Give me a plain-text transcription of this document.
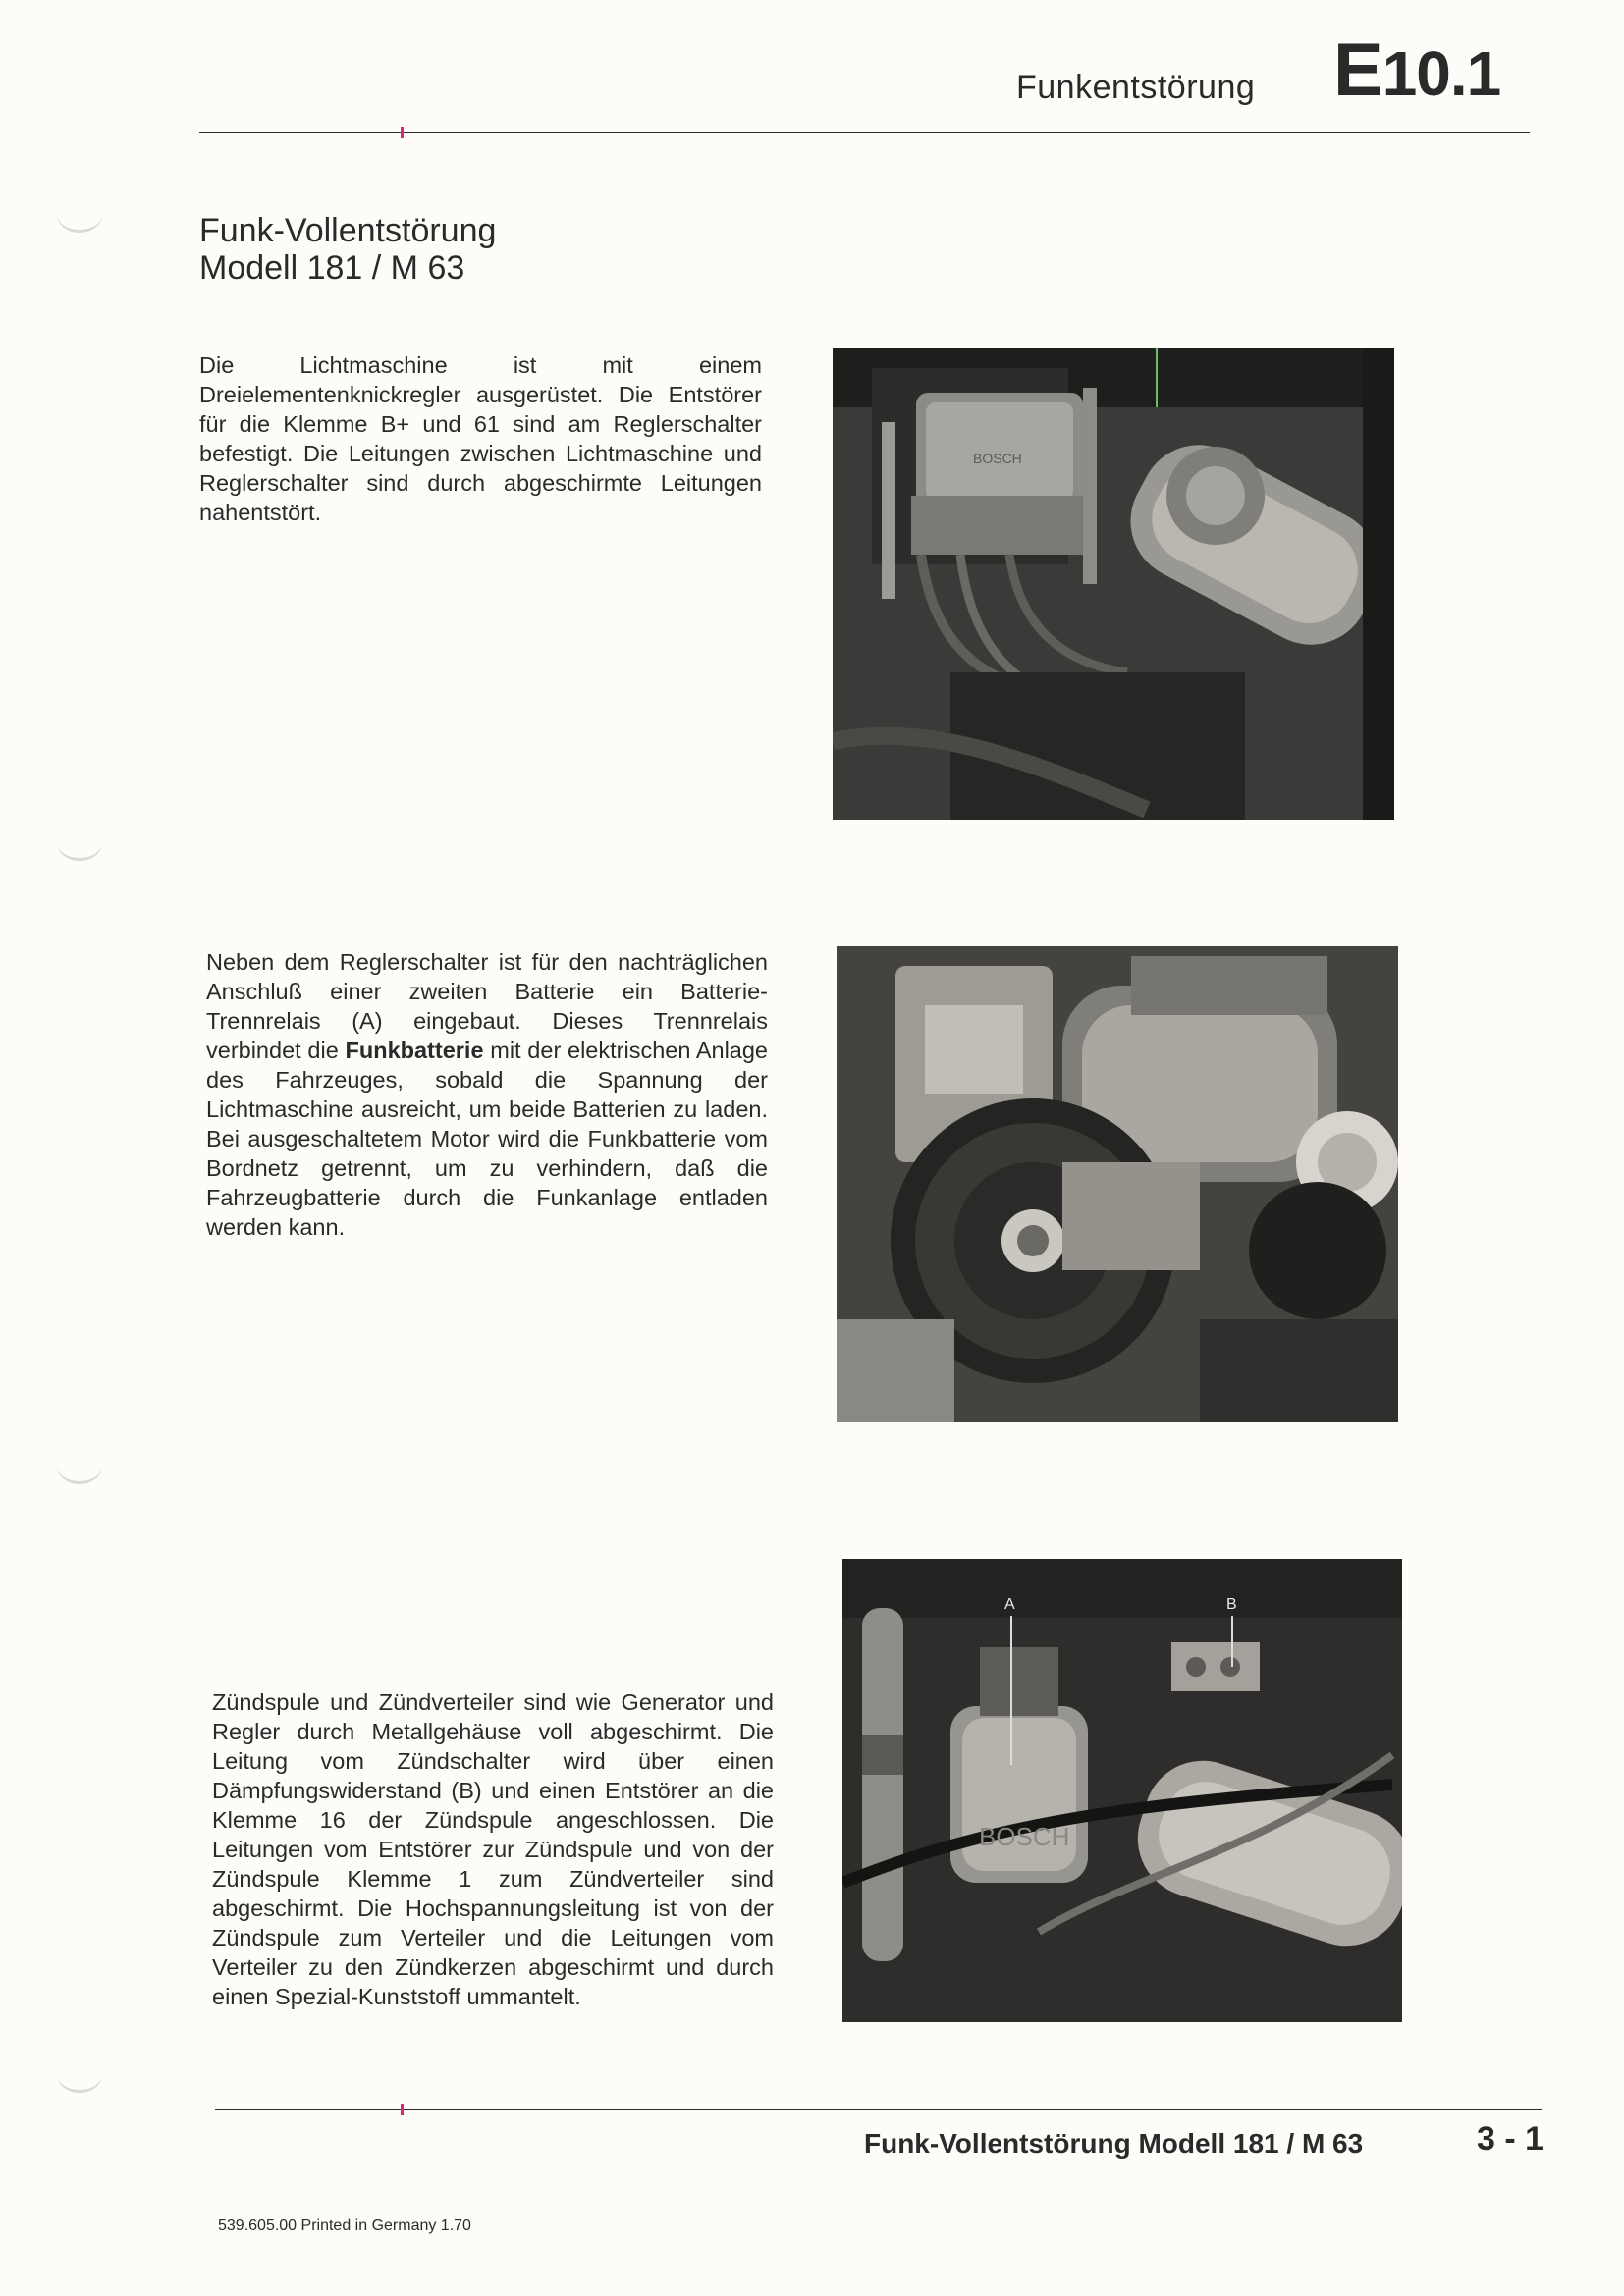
Funkentstörung E10.1
Funk-Vollentstörung
Modell 181 / M 63
Die Lichtmaschine ist mit einem Dreielementenknickregler ausgerüstet. Die Entstörer für die Klemme B+ und 61 sind am Reglerschalter befestigt. Die Leitungen zwischen Lichtmaschine und Reglerschalter sind durch abgeschirmte Leitungen nahentstört.
BOSCH
Neben dem Reglerschalter ist für den nachträglichen Anschluß einer zweiten Batterie ein Batterie-Trennrelais (A) eingebaut. Dieses Trennrelais verbindet die Funkbatterie mit der elektrischen Anlage des Fahrzeuges, sobald die Spannung der Lichtmaschine ausreicht, um beide Batterien zu laden. Bei ausgeschaltetem Motor wird die Funkbatterie vom Bordnetz getrennt, um zu verhindern, daß die Fahrzeugbatterie durch die Funkanlage entladen werden kann.
BOSCH
A	B
Zündspule und Zündverteiler sind wie Generator und Regler durch Metallgehäuse voll abgeschirmt. Die Leitung vom Zündschalter wird über einen Dämpfungswiderstand (B) und einen Entstörer an die Klemme 16 der Zündspule angeschlossen. Die Leitungen vom Entstörer zur Zündspule und von der Zündspule Klemme 1 zum Zündverteiler sind abgeschirmt. Die Hochspannungsleitung ist von der Zündspule zum Verteiler und die Leitungen vom Verteiler zu den Zündkerzen abgeschirmt und durch einen Spezial-Kunststoff ummantelt.
Funk-Vollentstörung Modell 181 / M 63	3 - 1
539.605.00 Printed in Germany 1.70
